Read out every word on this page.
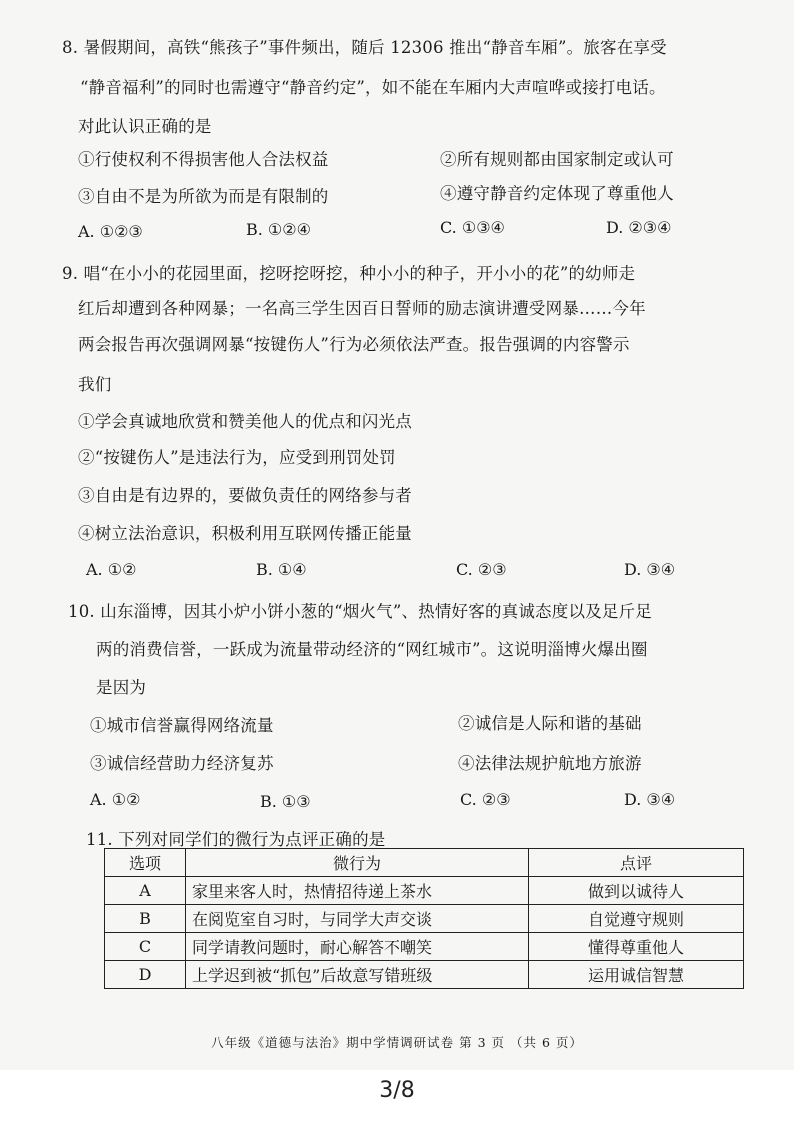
8. 暑假期间，高铁“熊孩子”事件频出，随后 12306 推出“静音车厢”。旅客在享受
“静音福利”的同时也需遵守“静音约定”，如不能在车厢内大声喧哗或接打电话。
对此认识正确的是
①行使权利不得损害他人合法权益	②所有规则都由国家制定或认可
③自由不是为所欲为而是有限制的	④遵守静音约定体现了尊重他人
A. ①②③	B. ①②④	C. ①③④	D. ②③④
9. 唱“在小小的花园里面，挖呀挖呀挖，种小小的种子，开小小的花”的幼师走
红后却遭到各种网暴；一名高三学生因百日誓师的励志演讲遭受网暴……今年
两会报告再次强调网暴“按键伤人”行为必须依法严查。报告强调的内容警示
我们
①学会真诚地欣赏和赞美他人的优点和闪光点
②“按键伤人”是违法行为，应受到刑罚处罚
③自由是有边界的，要做负责任的网络参与者
④树立法治意识，积极利用互联网传播正能量
A. ①②	B. ①④	C. ②③	D. ③④
10. 山东淄博，因其小炉小饼小葱的“烟火气”、热情好客的真诚态度以及足斤足
两的消费信誉，一跃成为流量带动经济的“网红城市”。这说明淄博火爆出圈
是因为
①城市信誉赢得网络流量	②诚信是人际和谐的基础
③诚信经营助力经济复苏	④法律法规护航地方旅游
A. ①②	B. ①③	C. ②③	D. ③④
11. 下列对同学们的微行为点评正确的是
选项	微行为	点评
A	家里来客人时，热情招待递上茶水	做到以诚待人
B	在阅览室自习时，与同学大声交谈	自觉遵守规则
C	同学请教问题时，耐心解答不嘲笑	懂得尊重他人
D	上学迟到被“抓包”后故意写错班级	运用诚信智慧
八年级《道德与法治》期中学情调研试卷 第 3 页 （共 6 页）
3/8
